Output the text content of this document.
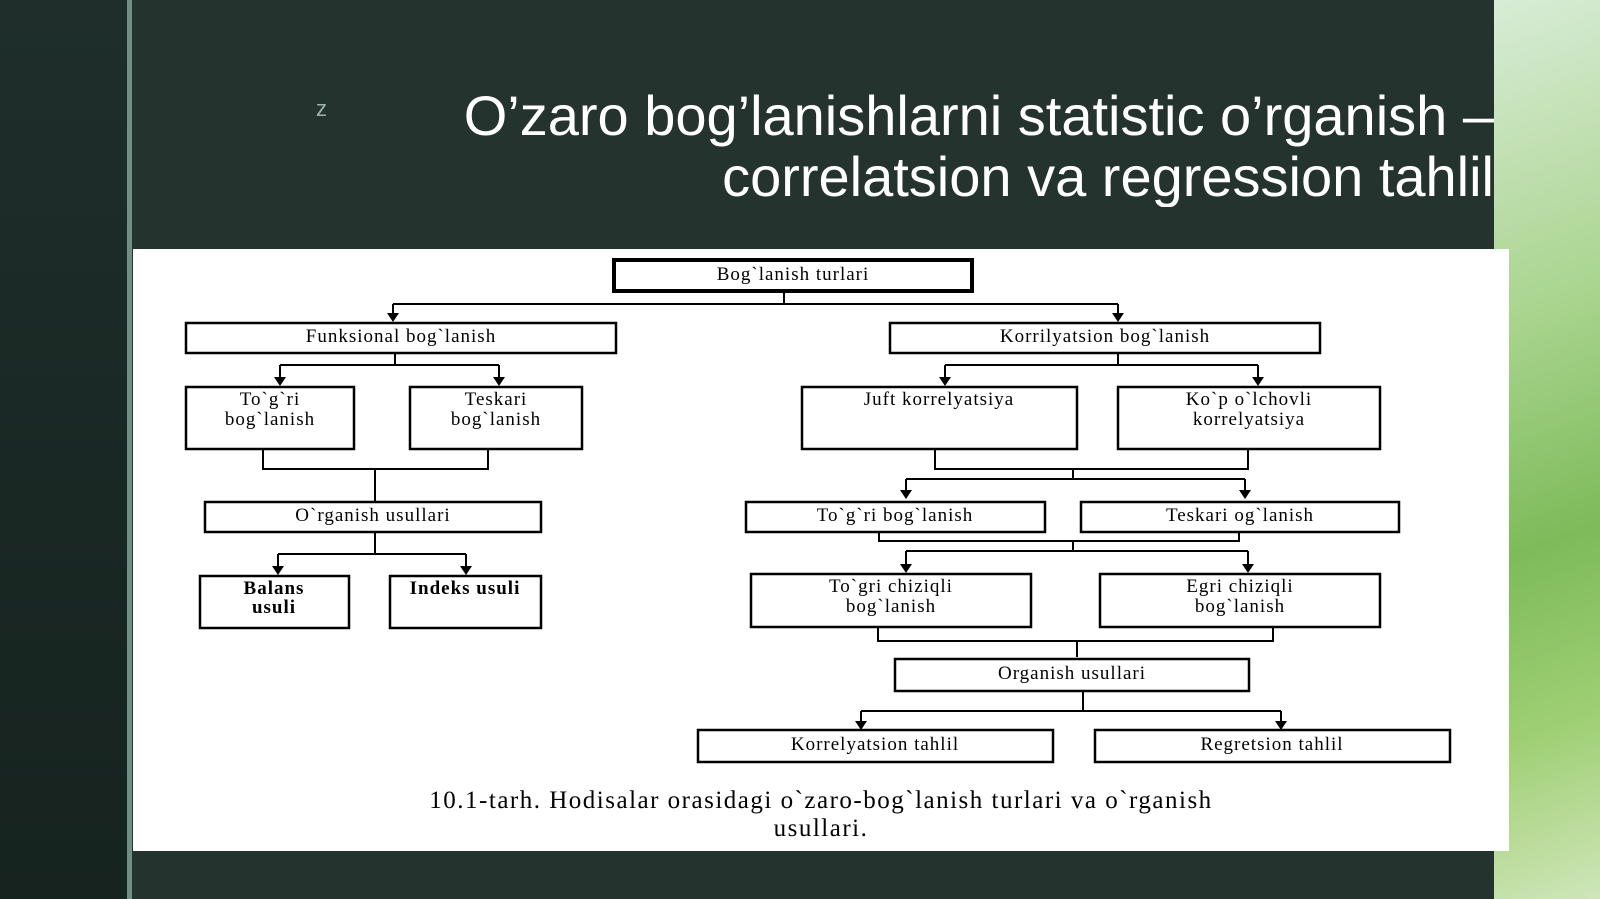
z	O’zaro bog’lanishlarni statistic o’rganish –
correlatsion va regression tahlil
Bog`lanish turlari
Funksional bog`lanish
To`g`ri
bog`lanish
Teskari
bog`lanish
O`rganish usullari
Balans
usuli
Indeks usuli
Korrilyatsion bog`lanish
Juft korrelyatsiya	Ko`p o`lchovli
korrelyatsiya
To`g`ri bog`lanish	Teskari og`lanish
To`gri chiziqli
bog`lanish
Egri chiziqli
bog`lanish
Organish usullari
Korrelyatsion tahlil	Regretsion tahlil
10.1-tarh. Hodisalar orasidagi o`zaro-bog`lanish turlari va o`rganish
usullari.
